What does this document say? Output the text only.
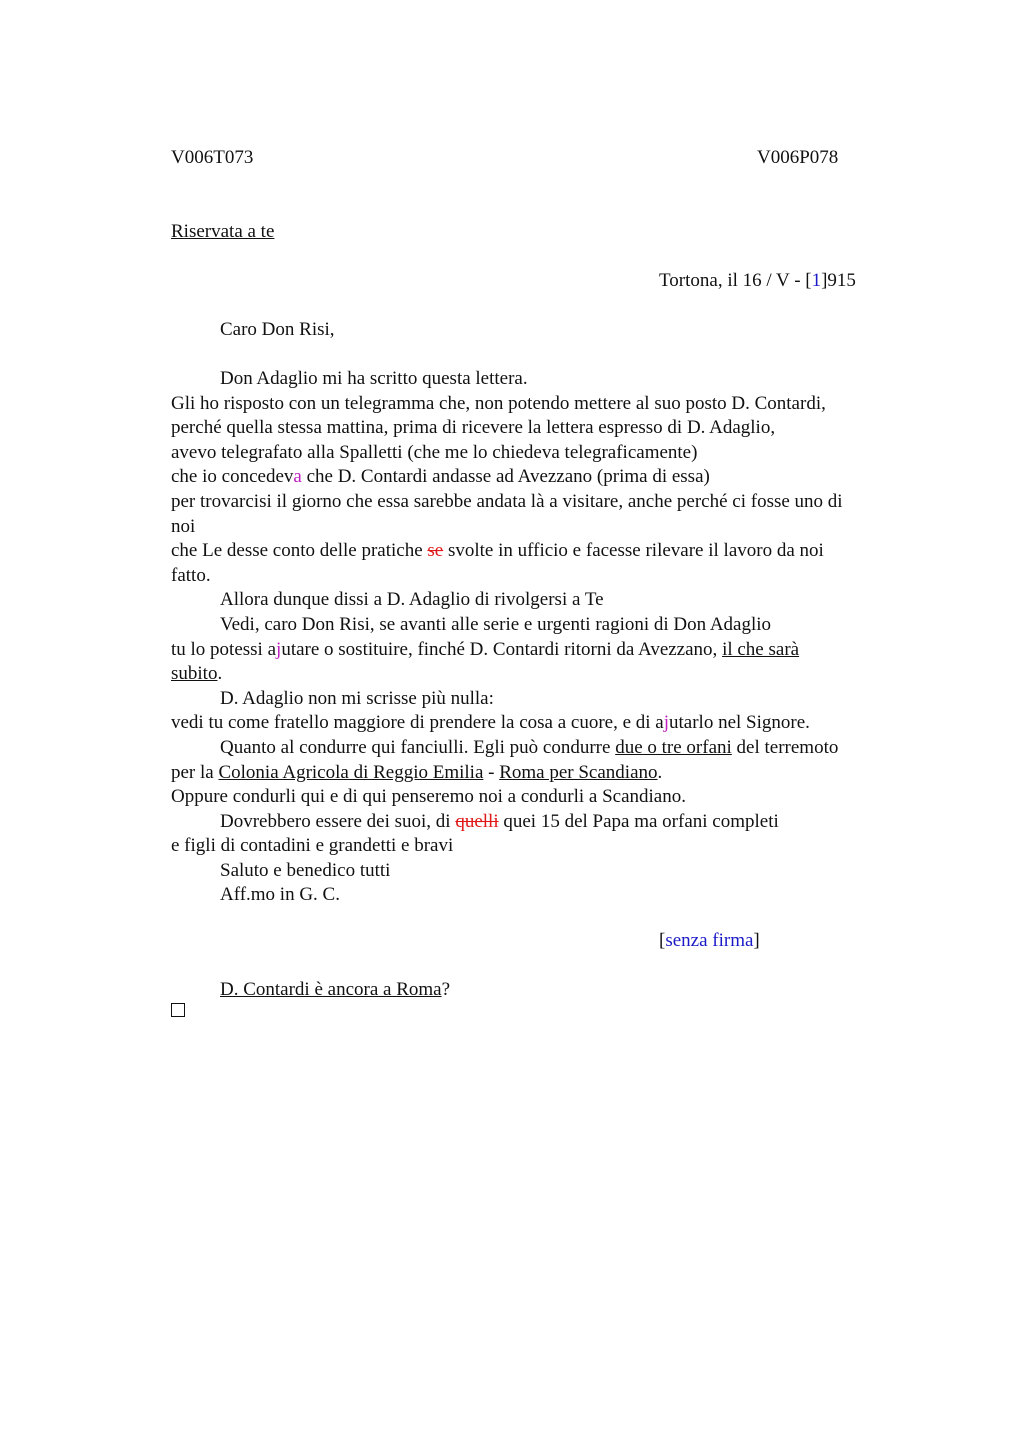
V006T073	V006P078
Riservata a te
Tortona, il 16 / V - [1]915
Caro Don Risi,
Don Adaglio mi ha scritto questa lettera.
Gli ho risposto con un telegramma che, non potendo mettere al suo posto D. Contardi,
perché quella stessa mattina, prima di ricevere la lettera espresso di D. Adaglio,
avevo telegrafato alla Spalletti (che me lo chiedeva telegraficamente)
che io concedeva che D. Contardi andasse ad Avezzano (prima di essa)
per trovarcisi il giorno che essa sarebbe andata là a visitare, anche perché ci fosse uno di
noi
che Le desse conto delle pratiche se svolte in ufficio e facesse rilevare il lavoro da noi
fatto.
Allora dunque dissi a D. Adaglio di rivolgersi a Te
Vedi, caro Don Risi, se avanti alle serie e urgenti ragioni di Don Adaglio
tu lo potessi ajutare o sostituire, finché D. Contardi ritorni da Avezzano, il che sarà
subito.
D. Adaglio non mi scrisse più nulla:
vedi tu come fratello maggiore di prendere la cosa a cuore, e di ajutarlo nel Signore.
Quanto al condurre qui fanciulli. Egli può condurre due o tre orfani del terremoto
per la Colonia Agricola di Reggio Emilia - Roma per Scandiano.
Oppure condurli qui e di qui penseremo noi a condurli a Scandiano.
Dovrebbero essere dei suoi, di quelli quei 15 del Papa ma orfani completi
e figli di contadini e grandetti e bravi
Saluto e benedico tutti
Aff.mo in G. C.
[senza firma]
D. Contardi è ancora a Roma?
